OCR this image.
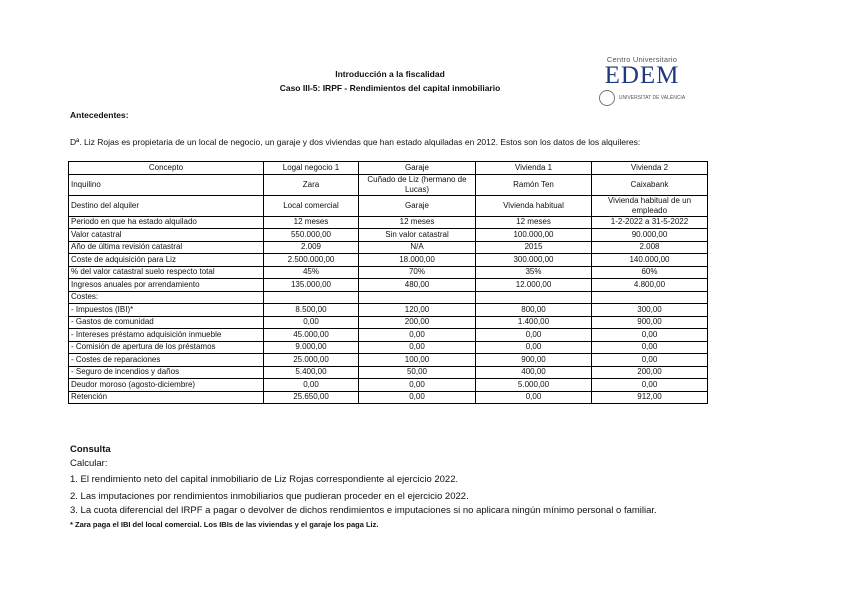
Introducción a la fiscalidad
Caso III-5: IRPF - Rendimientos del capital inmobiliario
Centro Universitario
EDEM
UNIVERSITAT DE VALÈNCIA
Antecedentes:
Dª. Liz Rojas es propietaria de un local de negocio, un garaje y dos viviendas que han estado alquiladas en 2012. Estos son los datos de los alquileres:
Concepto	Logal negocio 1	Garaje	Vivienda 1	Vivienda 2
Inquilino	Zara	Cuñado de Liz (hermano de Lucas)	Ramón Ten	Caixabank
Destino del alquiler	Local comercial	Garaje	Vivienda habitual	Vivienda habitual de un empleado
Periodo en que ha estado alquilado	12 meses	12 meses	12 meses	1-2-2022 a 31-5-2022
Valor catastral	550.000,00	Sin valor catastral	100.000,00	90.000,00
Año de última revisión catastral	2.009	N/A	2015	2.008
Coste de adquisición para Liz	2.500.000,00	18.000,00	300.000,00	140.000,00
% del valor catastral suelo respecto total	45%	70%	35%	60%
Ingresos anuales por arrendamiento	135.000,00	480,00	12.000,00	4.800,00
Costes:				
- Impuestos (IBI)*	8.500,00	120,00	800,00	300,00
- Gastos de comunidad	0,00	200,00	1.400,00	900,00
- Intereses préstamo adquisición inmueble	45.000,00	0,00	0,00	0,00
- Comisión de apertura de los préstamos	9.000,00	0,00	0,00	0,00
- Costes de reparaciones	25.000,00	100,00	900,00	0,00
- Seguro de incendios y daños	5.400,00	50,00	400,00	200,00
Deudor moroso (agosto-diciembre)	0,00	0,00	5.000,00	0,00
Retención	25.650,00	0,00	0,00	912,00
Consulta
Calcular:
1. El rendimiento neto del capital inmobiliario de Liz Rojas correspondiente al ejercicio 2022.
2. Las imputaciones por rendimientos inmobiliarios que pudieran proceder en el ejercicio 2022.
3. La cuota diferencial del IRPF a pagar o devolver de dichos rendimientos e imputaciones si no aplicara ningún mínimo personal o familiar.
* Zara paga el IBI del local comercial. Los IBIs de las viviendas y el garaje los paga Liz.
